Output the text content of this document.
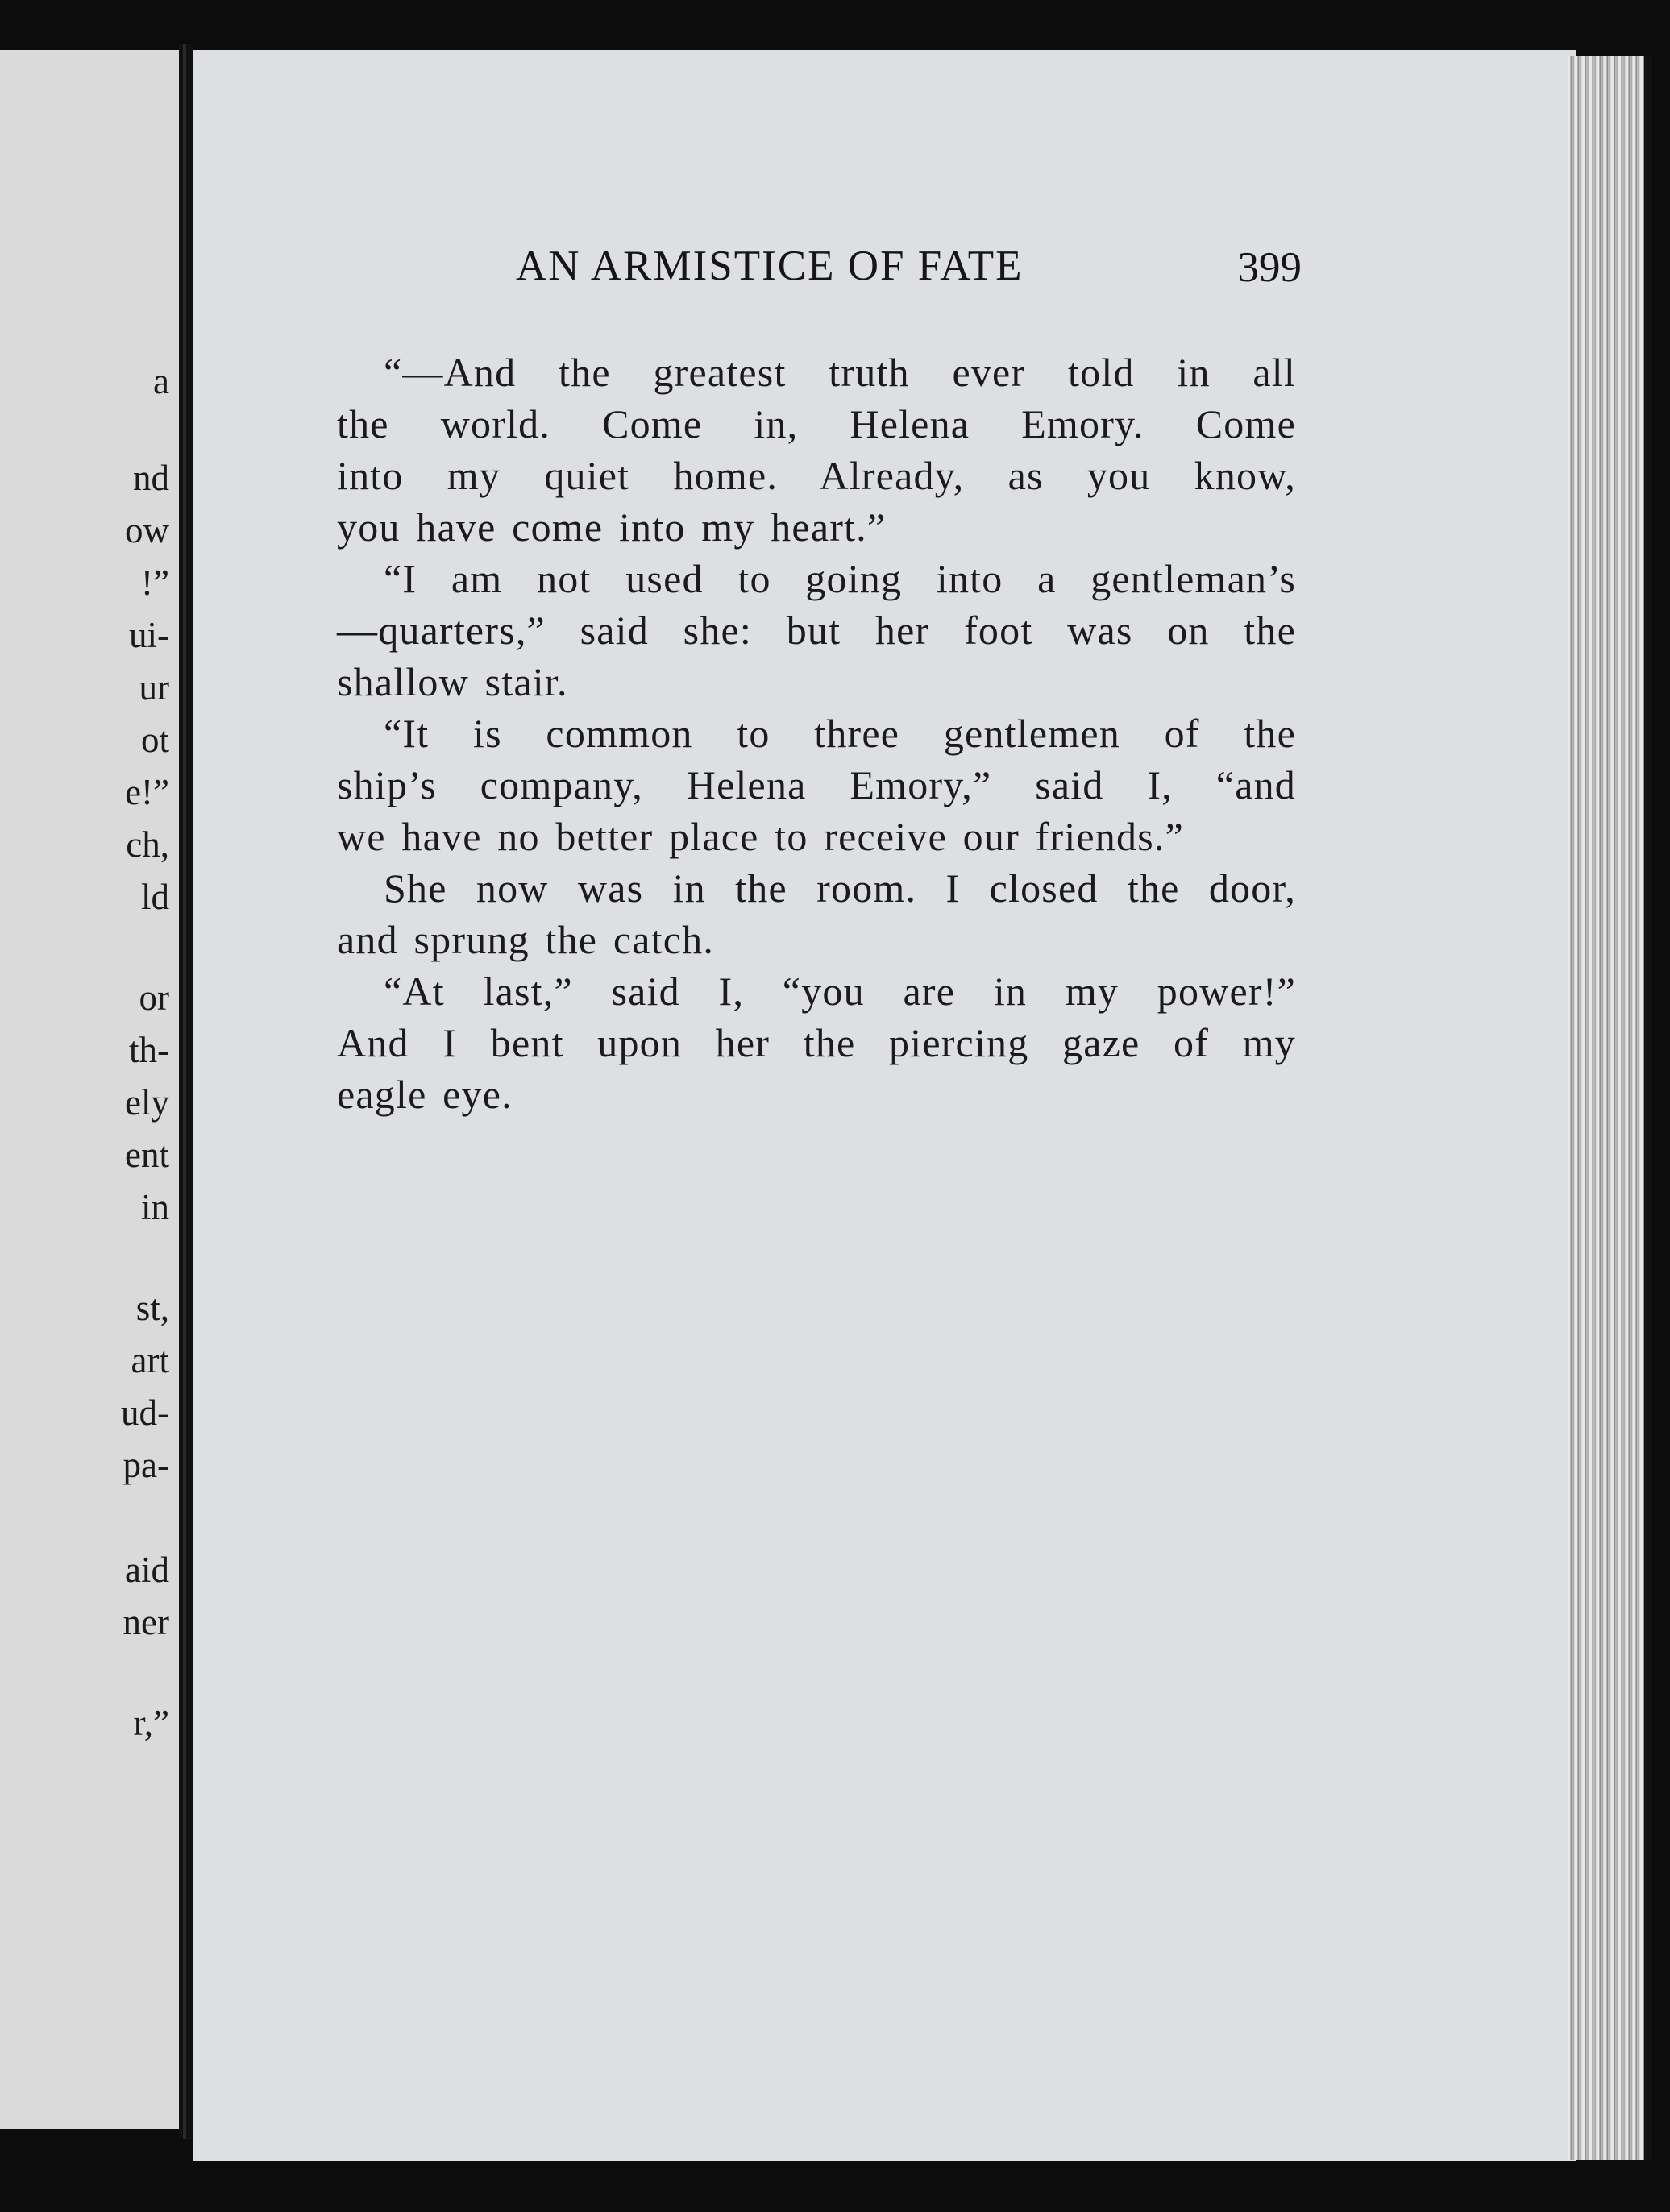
a
nd
ow
!”
ui-
ur
ot
e!”
ch,
ld
or
th-
ely
ent
in
st,
art
ud-
pa-
aid
ner
r,”
AN ARMISTICE OF FATE	399

“—And the greatest truth ever told in all
the world. Come in, Helena Emory. Come
into my quiet home. Already, as you know,
you have come into my heart.”

“I am not used to going into a gentleman’s
—quarters,” said she: but her foot was on the
shallow stair.

“It is common to three gentlemen of the
ship’s company, Helena Emory,” said I, “and
we have no better place to receive our friends.”

She now was in the room. I closed the door,
and sprung the catch.

“At last,” said I, “you are in my power!”
And I bent upon her the piercing gaze of my
eagle eye.
